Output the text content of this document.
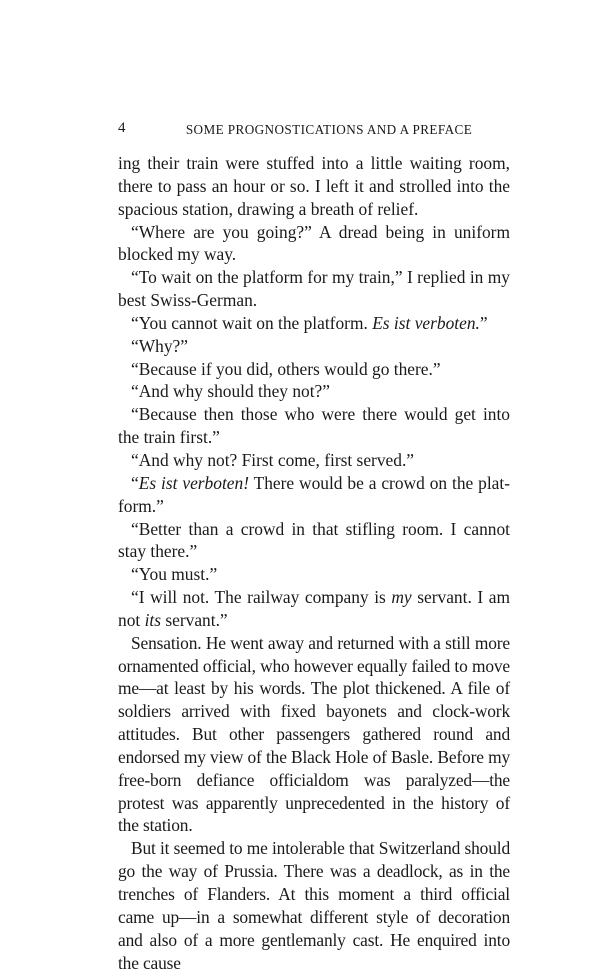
4	SOME PROGNOSTICATIONS AND A PREFACE

ing their train were stuffed into a little waiting room, there to pass an hour or so. I left it and strolled into the spacious station, drawing a breath of relief.

“Where are you going?” A dread being in uniform blocked my way.

“To wait on the platform for my train,” I replied in my best Swiss-German.

“You cannot wait on the platform. Es ist verboten.”

“Why?”

“Because if you did, others would go there.”

“And why should they not?”

“Because then those who were there would get into the train first.”

“And why not? First come, first served.”

“Es ist verboten! There would be a crowd on the plat-form.”

“Better than a crowd in that stifling room. I cannot stay there.”

“You must.”

“I will not. The railway company is my servant. I am not its servant.”

Sensation. He went away and returned with a still more ornamented official, who however equally failed to move me—at least by his words. The plot thickened. A file of soldiers arrived with fixed bayonets and clock-work attitudes. But other passengers gathered round and endorsed my view of the Black Hole of Basle. Before my free-born defiance officialdom was paralyzed—the protest was apparently unprecedented in the history of the station.

But it seemed to me intolerable that Switzerland should go the way of Prussia. There was a deadlock, as in the trenches of Flanders. At this moment a third official came up—in a somewhat different style of decoration and also of a more gentlemanly cast. He enquired into the cause
